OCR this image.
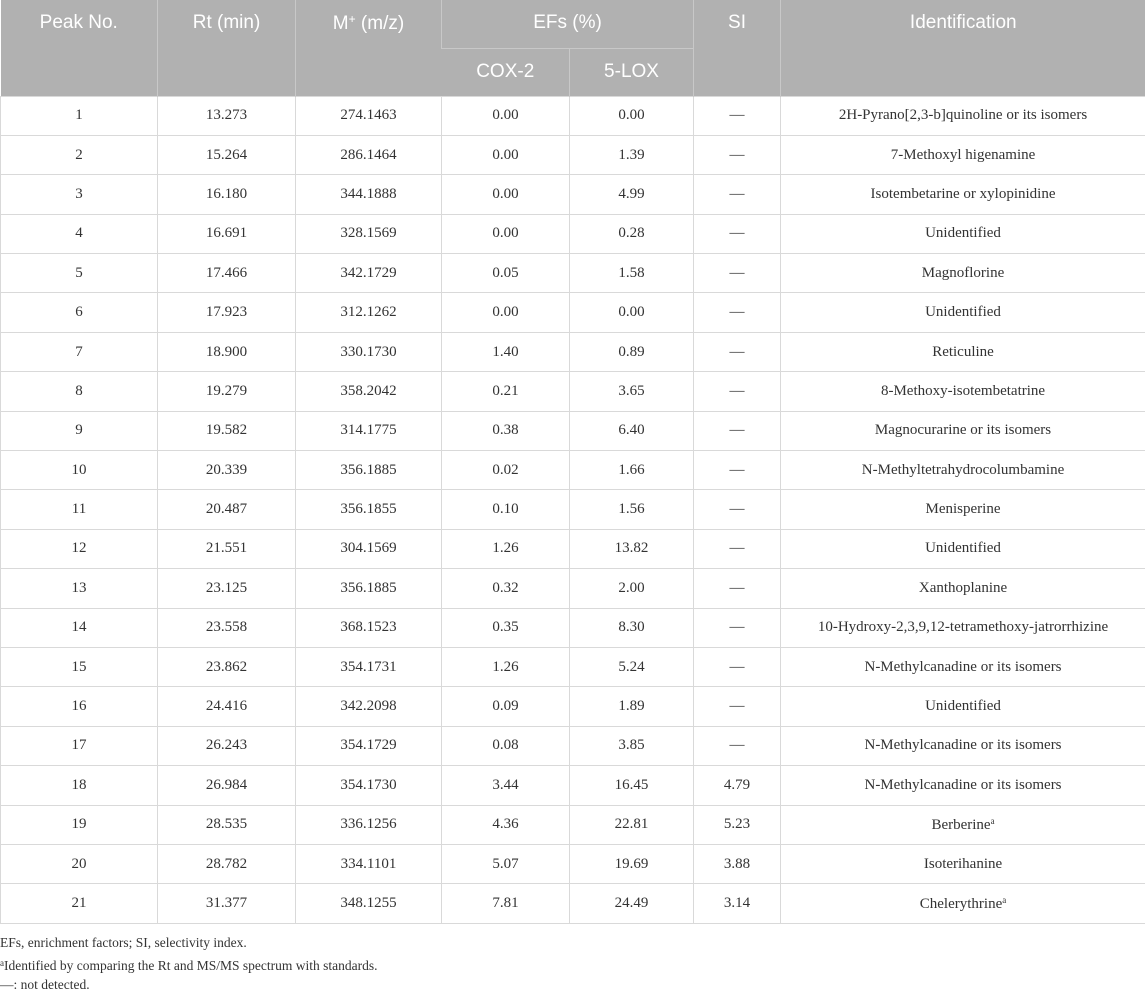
Peak No.	Rt (min)	M+ (m/z)	EFs (%)		SI	Identification
			COX-2	5-LOX		
1	13.273	274.1463	0.00	0.00	—	2H-Pyrano[2,3-b]quinoline or its isomers
2	15.264	286.1464	0.00	1.39	—	7-Methoxyl higenamine
3	16.180	344.1888	0.00	4.99	—	Isotembetarine or xylopinidine
4	16.691	328.1569	0.00	0.28	—	Unidentified
5	17.466	342.1729	0.05	1.58	—	Magnoflorine
6	17.923	312.1262	0.00	0.00	—	Unidentified
7	18.900	330.1730	1.40	0.89	—	Reticuline
8	19.279	358.2042	0.21	3.65	—	8-Methoxy-isotembetatrine
9	19.582	314.1775	0.38	6.40	—	Magnocurarine or its isomers
10	20.339	356.1885	0.02	1.66	—	N-Methyltetrahydrocolumbamine
11	20.487	356.1855	0.10	1.56	—	Menisperine
12	21.551	304.1569	1.26	13.82	—	Unidentified
13	23.125	356.1885	0.32	2.00	—	Xanthoplanine
14	23.558	368.1523	0.35	8.30	—	10-Hydroxy-2,3,9,12-tetramethoxy-jatrorrhizine
15	23.862	354.1731	1.26	5.24	—	N-Methylcanadine or its isomers
16	24.416	342.2098	0.09	1.89	—	Unidentified
17	26.243	354.1729	0.08	3.85	—	N-Methylcanadine or its isomers
18	26.984	354.1730	3.44	16.45	4.79	N-Methylcanadine or its isomers
19	28.535	336.1256	4.36	22.81	5.23	Berberine$^a$
20	28.782	334.1101	5.07	19.69	3.88	Isoterihanine
21	31.377	348.1255	7.81	24.49	3.14	Chelerythrine$^a$
EFs, enrichment factors; SI, selectivity index.
$^a$Identified by comparing the Rt and MS/MS spectrum with standards.
—: not detected.
